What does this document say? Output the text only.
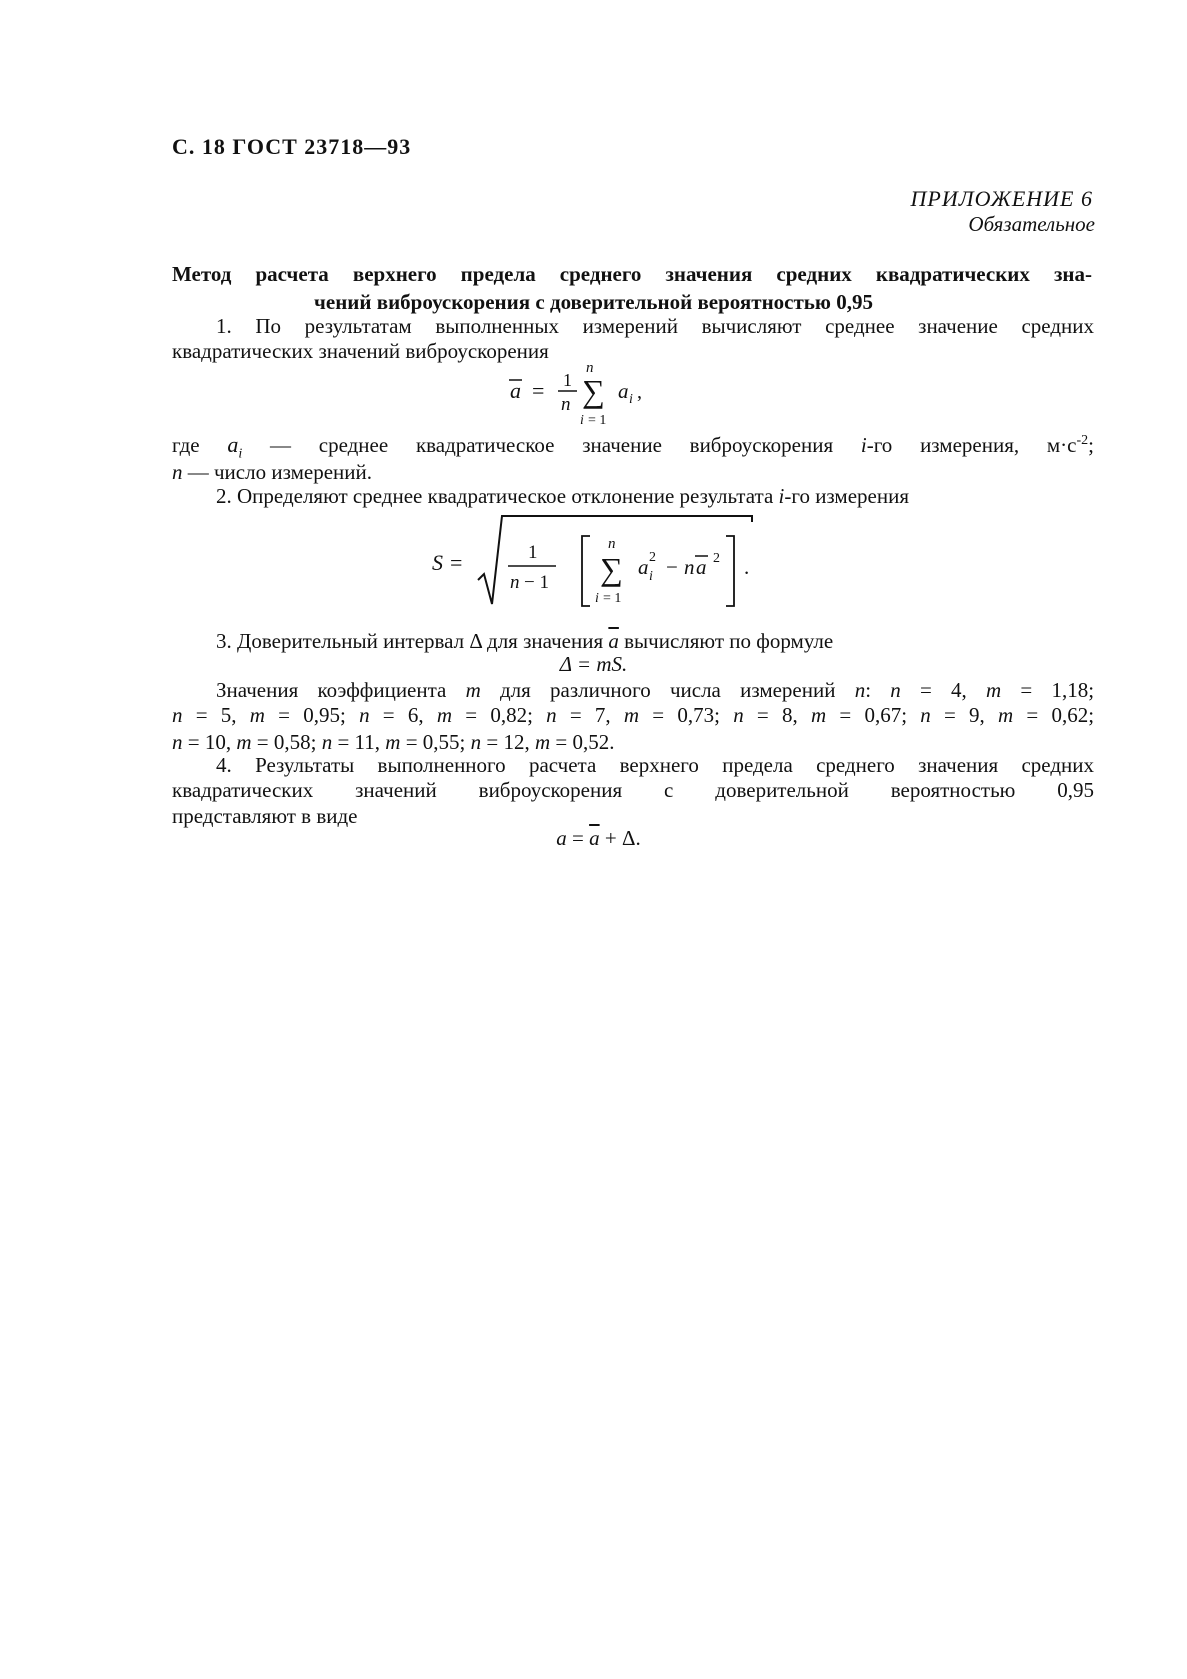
С. 18 ГОСТ 23718—93
ПРИЛОЖЕНИЕ 6
Обязательное
Метод расчета верхнего предела среднего значения средних квадратических зна-
чений виброускорения с доверительной вероятностью 0,95
1. По результатам выполненных измерений вычисляют среднее значение средних
квадратических значений виброускорения
a = 1
n
n
∑
i = 1
a i ,
где $a_i$ — среднее квадратическое значение виброускорения i-го измерения, $м\cdot с^{-2}$;
n — число измерений.
2. Определяют среднее квадратическое отклонение результата i-го измерения
S =	1
n − 1
n
∑
i = 1
a 2
i − n a 2 .
3. Доверительный интервал Δ для значения $\overline{a}$ вычисляют по формуле
Δ = mS.
Значения коэффициента m для различного числа измерений n: n = 4, m = 1,18;
n = 5, m = 0,95; n = 6, m = 0,82; n = 7, m = 0,73; n = 8, m = 0,67; n = 9, m = 0,62;
n = 10, m = 0,58; n = 11, m = 0,55; n = 12, m = 0,52.
4. Результаты выполненного расчета верхнего предела среднего значения средних
квадратических значений виброускорения с доверительной вероятностью 0,95
представляют в виде
$a = \overline{a} + \Delta$.
